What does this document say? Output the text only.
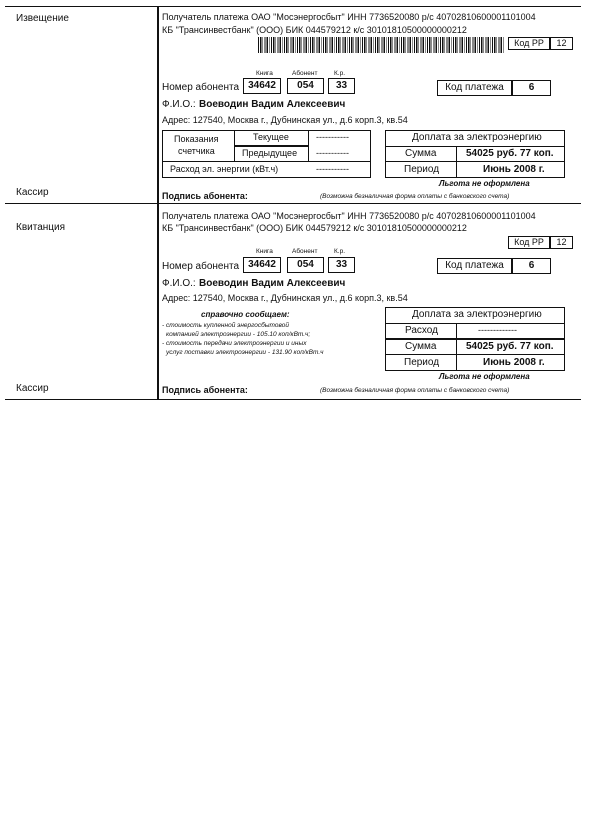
Извещение
Кассир
Получатель платежа ОАО "Мосэнергосбыт" ИНН 7736520080 р/с 40702810600001101004
КБ "Трансинвестбанк" (ООО) БИК 044579212 к/с 30101810500000000212
Код РР	12
Книга	Абонент	К.р.
Номер абонента 34642	054	33	Код платежа	6
Ф.И.О.: Воеводин Вадим Алексеевич
Адрес: 127540, Москва г., Дубнинская ул., д.6 корп.3, кв.54
Показания
счетчика
Текущее	-----------
Предыдущее -----------
Расход эл. энергии (кВт.ч)	-----------
Доплата за электроэнергию
Сумма	54025 руб. 77 коп.
Период	Июнь 2008 г.
Льгота не оформлена
Подпись абонента:	(Возможна безналичная форма оплаты с банковского счета)
Квитанция
Кассир
Получатель платежа ОАО "Мосэнергосбыт" ИНН 7736520080 р/с 40702810600001101004
КБ "Трансинвестбанк" (ООО) БИК 044579212 к/с 30101810500000000212
Код РР	12
Книга	Абонент	К.р.
Номер абонента 34642	054	33	Код платежа	6
Ф.И.О.: Воеводин Вадим Алексеевич
Адрес: 127540, Москва г., Дубнинская ул., д.6 корп.3, кв.54
справочно сообщаем:
- стоимость купленной энергосбытовой
компанией электроэнергии - 105.10 коп/кВт.ч;
- стоимость передачи электроэнергии и иных
услуг поставки электроэнергии - 131.90 коп/кВт.ч
Доплата за электроэнергию
Расход	-------------
Сумма	54025 руб. 77 коп.
Период	Июнь 2008 г.
Льгота не оформлена
Подпись абонента:	(Возможна безналичная форма оплаты с банковского счета)
